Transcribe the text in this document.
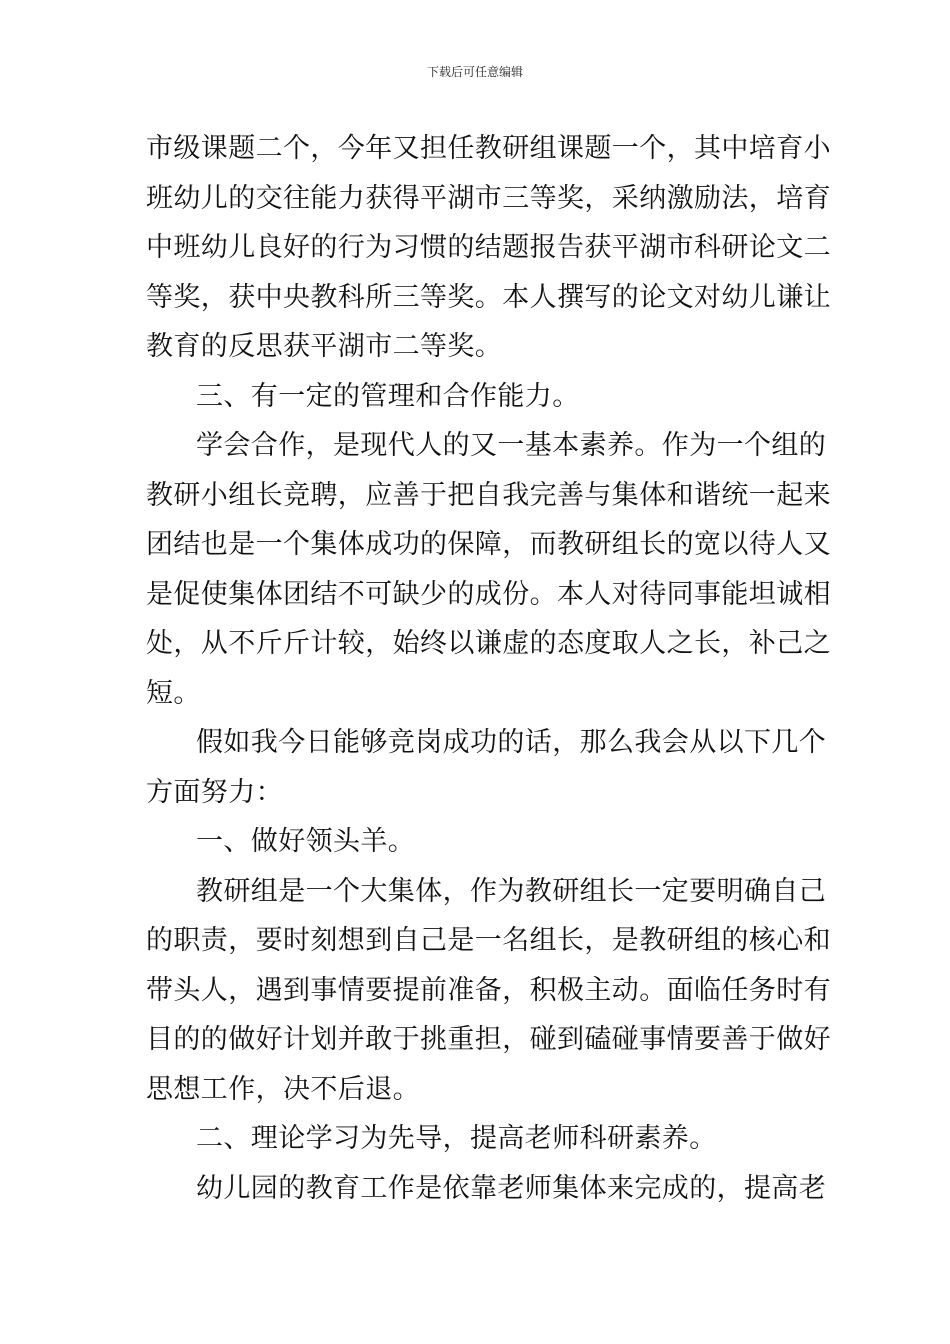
下载后可任意编辑
市级课题二个，今年又担任教研组课题一个，其中培育小
班幼儿的交往能力获得平湖市三等奖，采纳激励法，培育
中班幼儿良好的行为习惯的结题报告获平湖市科研论文二
等奖，获中央教科所三等奖。本人撰写的论文对幼儿谦让
教育的反思获平湖市二等奖。
三、有一定的管理和合作能力。
学会合作，是现代人的又一基本素养。作为一个组的
教研小组长竞聘，应善于把自我完善与集体和谐统一起来
团结也是一个集体成功的保障，而教研组长的宽以待人又
是促使集体团结不可缺少的成份。本人对待同事能坦诚相
处，从不斤斤计较，始终以谦虚的态度取人之长，补己之
短。
假如我今日能够竞岗成功的话，那么我会从以下几个
方面努力：
一、做好领头羊。
教研组是一个大集体，作为教研组长一定要明确自己
的职责，要时刻想到自己是一名组长，是教研组的核心和
带头人，遇到事情要提前准备，积极主动。面临任务时有
目的的做好计划并敢于挑重担，碰到磕碰事情要善于做好
思想工作，决不后退。
二、理论学习为先导，提高老师科研素养。
幼儿园的教育工作是依靠老师集体来完成的，提高老
